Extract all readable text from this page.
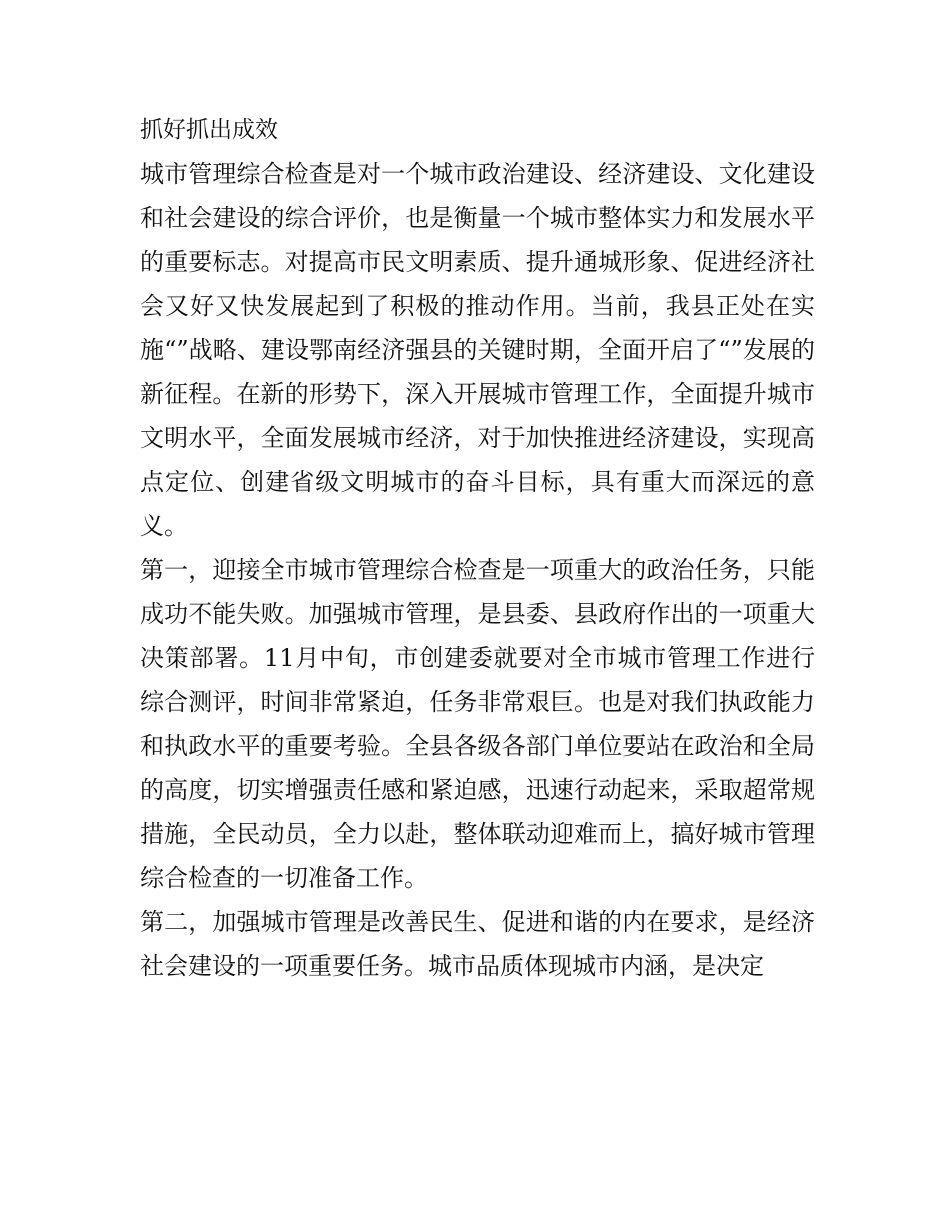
抓好抓出成效

城市管理综合检查是对一个城市政治建设、经济建设、文化建设和社会建设的综合评价，也是衡量一个城市整体实力和发展水平的重要标志。对提高市民文明素质、提升通城形象、促进经济社会又好又快发展起到了积极的推动作用。当前，我县正处在实施“”战略、建设鄂南经济强县的关键时期，全面开启了“”发展的新征程。在新的形势下，深入开展城市管理工作，全面提升城市文明水平，全面发展城市经济，对于加快推进经济建设，实现高点定位、创建省级文明城市的奋斗目标，具有重大而深远的意义。

第一，迎接全市城市管理综合检查是一项重大的政治任务，只能成功不能失败。加强城市管理，是县委、县政府作出的一项重大决策部署。11月中旬，市创建委就要对全市城市管理工作进行综合测评，时间非常紧迫，任务非常艰巨。也是对我们执政能力和执政水平的重要考验。全县各级各部门单位要站在政治和全局的高度，切实增强责任感和紧迫感，迅速行动起来，采取超常规措施，全民动员，全力以赴，整体联动迎难而上，搞好城市管理综合检查的一切准备工作。

第二，加强城市管理是改善民生、促进和谐的内在要求，是经济社会建设的一项重要任务。城市品质体现城市内涵，是决定
